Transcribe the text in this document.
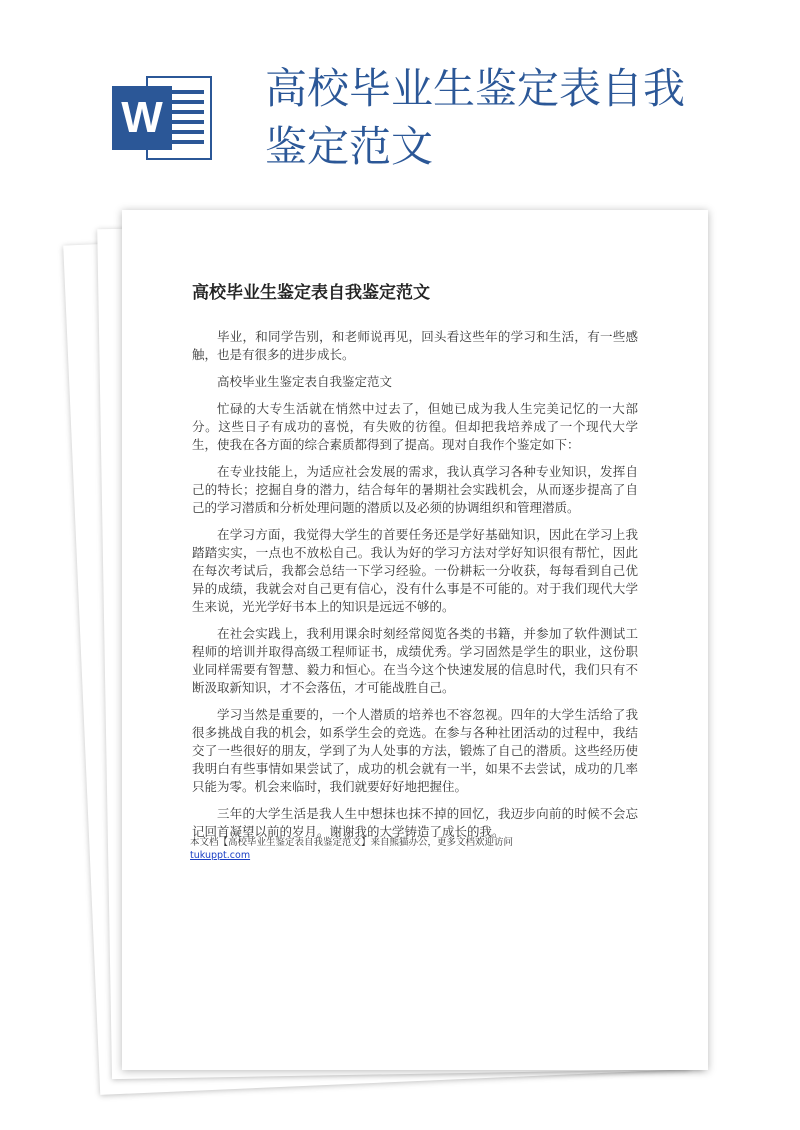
W
高校毕业生鉴定表自我鉴定范文
高校毕业生鉴定表自我鉴定范文

毕业，和同学告别，和老师说再见，回头看这些年的学习和生活，有一些感触，也是有很多的进步成长。

高校毕业生鉴定表自我鉴定范文

忙碌的大专生活就在悄然中过去了，但她已成为我人生完美记忆的一大部分。这些日子有成功的喜悦，有失败的彷徨。但却把我培养成了一个现代大学生，使我在各方面的综合素质都得到了提高。现对自我作个鉴定如下：

在专业技能上，为适应社会发展的需求，我认真学习各种专业知识，发挥自己的特长；挖掘自身的潜力，结合每年的暑期社会实践机会，从而逐步提高了自己的学习潜质和分析处理问题的潜质以及必须的协调组织和管理潜质。

在学习方面，我觉得大学生的首要任务还是学好基础知识，因此在学习上我踏踏实实，一点也不放松自己。我认为好的学习方法对学好知识很有帮忙，因此在每次考试后，我都会总结一下学习经验。一份耕耘一分收获，每每看到自己优异的成绩，我就会对自己更有信心，没有什么事是不可能的。对于我们现代大学生来说，光光学好书本上的知识是远远不够的。

在社会实践上，我利用课余时刻经常阅览各类的书籍，并参加了软件测试工程师的培训并取得高级工程师证书，成绩优秀。学习固然是学生的职业，这份职业同样需要有智慧、毅力和恒心。在当今这个快速发展的信息时代，我们只有不断汲取新知识，才不会落伍，才可能战胜自己。

学习当然是重要的，一个人潜质的培养也不容忽视。四年的大学生活给了我很多挑战自我的机会，如系学生会的竞选。在参与各种社团活动的过程中，我结交了一些很好的朋友，学到了为人处事的方法，锻炼了自己的潜质。这些经历使我明白有些事情如果尝试了，成功的机会就有一半，如果不去尝试，成功的几率只能为零。机会来临时，我们就要好好地把握住。

三年的大学生活是我人生中想抹也抹不掉的回忆，我迈步向前的时候不会忘记回首凝望以前的岁月。谢谢我的大学铸造了成长的我。

本文档【高校毕业生鉴定表自我鉴定范文】来自熊猫办公，更多文档欢迎访问
tukuppt.com
